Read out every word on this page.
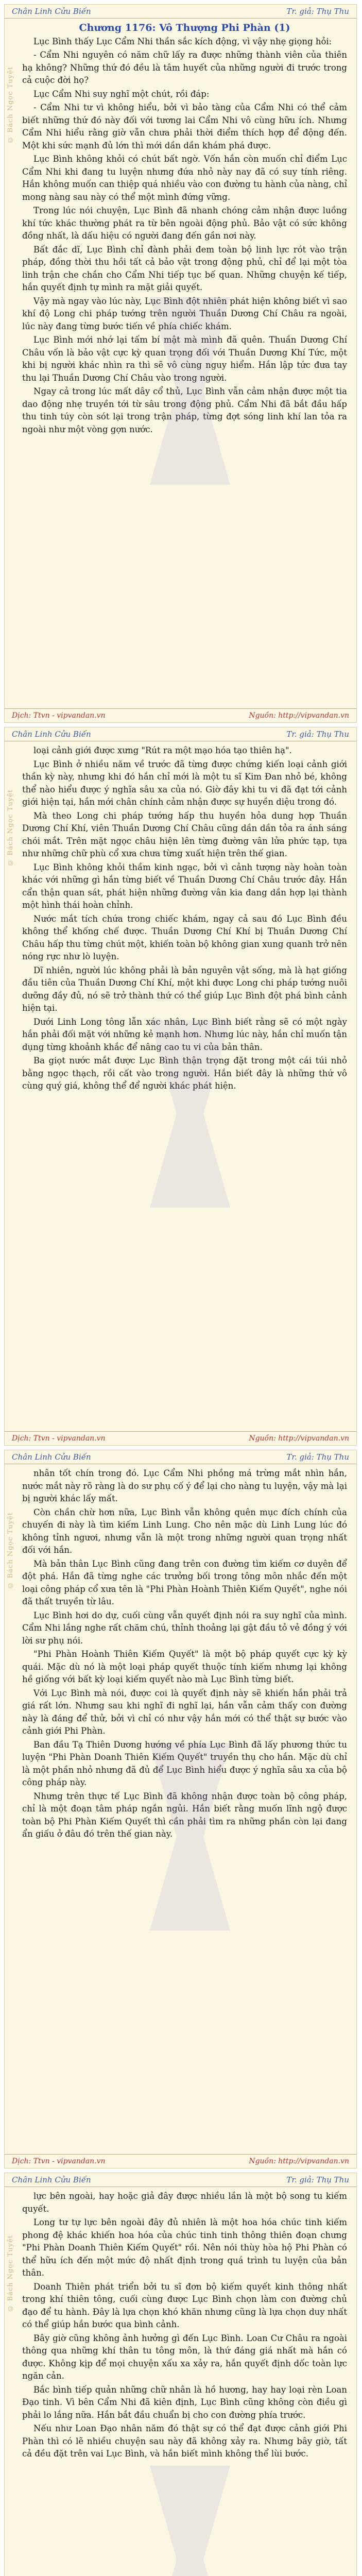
Chân Linh Cửu Biến	Tr. giả: Thụ Thu
© Bách Ngọc Tuyệt

Chương 1176: Vô Thượng Phi Phàn (1)

Lục Bình thấy Lục Cẩm Nhi thần sắc kích động, vì vậy nhẹ giọng hỏi:

- Cẩm Nhi nguyên có năm chữ lấy ra được những thành viên của thiên hạ không? Những thứ đó đều là tâm huyết của những người đi trước trong cả cuộc đời họ?

Lục Cẩm Nhi suy nghĩ một chút, rồi đáp:

- Cẩm Nhi tư vì không hiểu, bởi vì bảo tàng của Cẩm Nhi có thể cảm biết những thứ đó này đối với tương lai Cẩm Nhi vô cùng hữu ích. Nhưng Cẩm Nhi hiểu rằng giờ vẫn chưa phải thời điểm thích hợp để động đến. Một khi sức mạnh đủ lớn thì mới dần dần khám phá được.

Lục Bình không khỏi có chút bất ngờ. Vốn hắn còn muốn chỉ điểm Lục Cẩm Nhi khi đang tu luyện nhưng đứa nhỏ này nay đã có suy tính riêng. Hắn không muốn can thiệp quá nhiều vào con đường tu hành của nàng, chỉ mong nàng sau này có thể một mình đứng vững.

Trong lúc nói chuyện, Lục Bình đã nhanh chóng cảm nhận được luồng khí tức khác thường phát ra từ bên ngoài động phủ. Bảo vật có sức không đồng nhất, là dấu hiệu có người đang đến gần nơi này.

Bất đắc dĩ, Lục Bình chỉ đành phải đem toàn bộ linh lực rót vào trận pháp, đồng thời thu hồi tất cả bảo vật trong động phủ, chỉ để lại một tòa linh trận che chắn cho Cẩm Nhi tiếp tục bế quan. Những chuyện kế tiếp, hắn quyết định tự mình ra mặt giải quyết.

Vậy mà ngay vào lúc này, Lục Bình đột nhiên phát hiện không biết vì sao khí độ Long chi pháp tướng trên người Thuần Dương Chí Châu ra ngoài, lúc này đang từng bước tiến về phía chiếc khám.

Lục Bình mới nhớ lại tấm bí mật mà mình đã quên. Thuần Dương Chí Châu vốn là bảo vật cực kỳ quan trọng đối với Thuần Dương Khí Tức, một khi bị người khác nhìn ra thì sẽ vô cùng nguy hiểm. Hắn lập tức đưa tay thu lại Thuần Dương Chí Châu vào trong người.

Ngay cả trong lúc mất dây cổ thủ, Lục Bình vẫn cảm nhận được một tia dao động nhẹ truyền tới từ sâu trong động phủ. Cẩm Nhi đã bắt đầu hấp thu tinh túy còn sót lại trong trận pháp, từng đợt sóng linh khí lan tỏa ra ngoài như một vòng gợn nước.

Dịch: Ttvn - vipvandan.vn	Nguồn: http://vipvandan.vn
Chân Linh Cửu Biến	Tr. giả: Thụ Thu
© Bách Ngọc Tuyệt

loại cảnh giới được xưng "Rút ra một mạo hóa tạo thiên hạ".

Lục Bình ở nhiều năm về trước đã từng được chứng kiến loại cảnh giới thần kỳ này, nhưng khi đó hắn chỉ mới là một tu sĩ Kim Đan nhỏ bé, không thể nào hiểu được ý nghĩa sâu xa của nó. Giờ đây khi tu vi đã đạt tới cảnh giới hiện tại, hắn mới chân chính cảm nhận được sự huyền diệu trong đó.

Mà theo Long chi pháp tướng hấp thu huyền hỏa dung hợp Thuần Dương Chí Khí, viên Thuần Dương Chí Châu cũng dần dần tỏa ra ánh sáng chói mắt. Trên mặt ngọc châu hiện lên từng đường vân lửa phức tạp, tựa như những chữ phù cổ xưa chưa từng xuất hiện trên thế gian.

Lục Bình không khỏi thầm kinh ngạc, bởi vì cảnh tượng này hoàn toàn khác với những gì hắn từng biết về Thuần Dương Chí Châu trước đây. Hắn cẩn thận quan sát, phát hiện những đường vân kia đang dần hợp lại thành một hình thái hoàn chỉnh.

Nước mắt tích chứa trong chiếc khám, ngay cả sau đó Lục Bình đều không thể khống chế được. Thuần Dương Chí Khí bị Thuần Dương Chí Châu hấp thu từng chút một, khiến toàn bộ không gian xung quanh trở nên nóng rực như lò luyện.

Dĩ nhiên, người lúc không phải là bản nguyên vật sống, mà là hạt giống đầu tiên của Thuần Dương Chí Khí, một khi được Long chi pháp tướng nuôi dưỡng đầy đủ, nó sẽ trở thành thứ có thể giúp Lục Bình đột phá bình cảnh hiện tại.

Dưới Linh Long tông lẫn xác nhân, Lục Bình biết rằng sẽ có một ngày hắn phải đối mặt với những kẻ mạnh hơn. Nhưng lúc này, hắn chỉ muốn tận dụng từng khoảnh khắc để nâng cao tu vi của bản thân.

Ba giọt nước mắt được Lục Bình thận trọng đặt trong một cái túi nhỏ bằng ngọc thạch, rồi cất vào trong người. Hắn biết đây là những thứ vô cùng quý giá, không thể để người khác phát hiện.

Dịch: Ttvn - vipvandan.vn	Nguồn: http://vipvandan.vn
Chân Linh Cửu Biến	Tr. giả: Thụ Thu
© Bách Ngọc Tuyệt

nhân tốt chín trong đó. Lục Cẩm Nhi phồng má trừng mắt nhìn hắn, nước mắt này rõ ràng là do sư phụ cố ý để lại cho nàng tu luyện, vậy mà lại bị người khác lấy mất.

Còn chần chừ hơn nữa, Lục Bình vẫn không quên mục đích chính của chuyến đi này là tìm kiếm Linh Lung. Cho nên mặc dù Linh Lung lúc đó không tỉnh ngươi, nhưng vẫn là một trong những người quan trọng nhất đối với hắn.

Mà bản thân Lục Bình cũng đang trên con đường tìm kiếm cơ duyên để đột phá. Hắn đã từng nghe các trưởng bối trong tông môn nhắc đến một loại công pháp cổ xưa tên là "Phi Phàn Hoành Thiên Kiếm Quyết", nghe nói đã thất truyền từ lâu.

Lục Bình hơi do dự, cuối cùng vẫn quyết định nói ra suy nghĩ của mình. Cẩm Nhi lắng nghe rất chăm chú, thỉnh thoảng lại gật đầu tỏ vẻ đồng ý với lời sư phụ nói.

"Phi Phàn Hoành Thiên Kiếm Quyết" là một bộ pháp quyết cực kỳ kỳ quái. Mặc dù nó là một loại pháp quyết thuộc tính kiếm nhưng lại không hề giống với bất kỳ loại kiếm quyết nào mà Lục Bình từng biết.

Với Lục Bình mà nói, được coi là quyết định này sẽ khiến hắn phải trả giá rất lớn. Nhưng sau khi nghĩ đi nghĩ lại, hắn vẫn cảm thấy con đường này là đáng để thử, bởi vì chỉ có như vậy hắn mới có thể thật sự bước vào cảnh giới Phi Phàn.

Ban đầu Tạ Thiên Dương hướng về phía Lục Bình đã lấy phương thức tu luyện "Phi Phàn Doanh Thiên Kiếm Quyết" truyền thụ cho hắn. Mặc dù chỉ là một phần nhỏ nhưng đã đủ để Lục Bình hiểu được ý nghĩa sâu xa của bộ công pháp này.

Nhưng trên thực tế Lục Bình đã không nhận được toàn bộ công pháp, chỉ là một đoạn tâm pháp ngắn ngủi. Hắn biết rằng muốn lĩnh ngộ được toàn bộ Phi Phàn Kiếm Quyết thì cần phải tìm ra những phần còn lại đang ẩn giấu ở đâu đó trên thế gian này.

Dịch: Ttvn - vipvandan.vn	Nguồn: http://vipvandan.vn
Chân Linh Cửu Biến	Tr. giả: Thụ Thu
© Bách Ngọc Tuyệt

lực bên ngoài, hay hoặc giả đây được nhiều lần là một bộ song tu kiếm quyết.

Long tư tự lực bên ngoài đây đủ nhiên là một hoa hóa chúc tinh kiếm phong đệ khác khiến hoa hóa của chúc tinh tinh thông thiên đoạn chưng "Phi Phàn Doanh Thiên Kiếm Quyết" rồi. Nên nói thùy hòa hộ Phi Phàn có thể hữu ích đến một mức độ nhất định trong quá trình tu luyện của bản thân.

Doanh Thiên phát triển bởi tu sĩ đơn bộ kiếm quyết kinh thông nhất trong khí thiên tông, cuối cùng được Lục Bình chọn làm con đường chủ đạo để tu hành. Đây là lựa chọn khó khăn nhưng cũng là lựa chọn duy nhất có thể giúp hắn bước qua bình cảnh.

Bây giờ cũng không ảnh hưởng gì đến Lục Bình. Loan Cư Châu ra ngoài thông qua những khí thân tu tông môn, là thứ đáng giá nhất mà hắn có được. Không kịp để mọi chuyện xấu xa xảy ra, hắn quyết định dốc toàn lực ngăn cản.

Bắc bình tiếp quản những chữ nhân là hồ hương, hay hay loại rèn Loan Đạo tinh. Vì bên Cẩm Nhi đã kiên định, Lục Bình cũng không còn điều gì phải lo lắng nữa. Hắn bắt đầu chuẩn bị cho con đường phía trước.

Nếu như Loan Đạo nhân năm đó thật sự có thể đạt được cảnh giới Phi Phàn thì có lẽ nhiều chuyện sau này đã không xảy ra. Nhưng bây giờ, tất cả đều đặt trên vai Lục Bình, và hắn biết mình không thể lùi bước.
